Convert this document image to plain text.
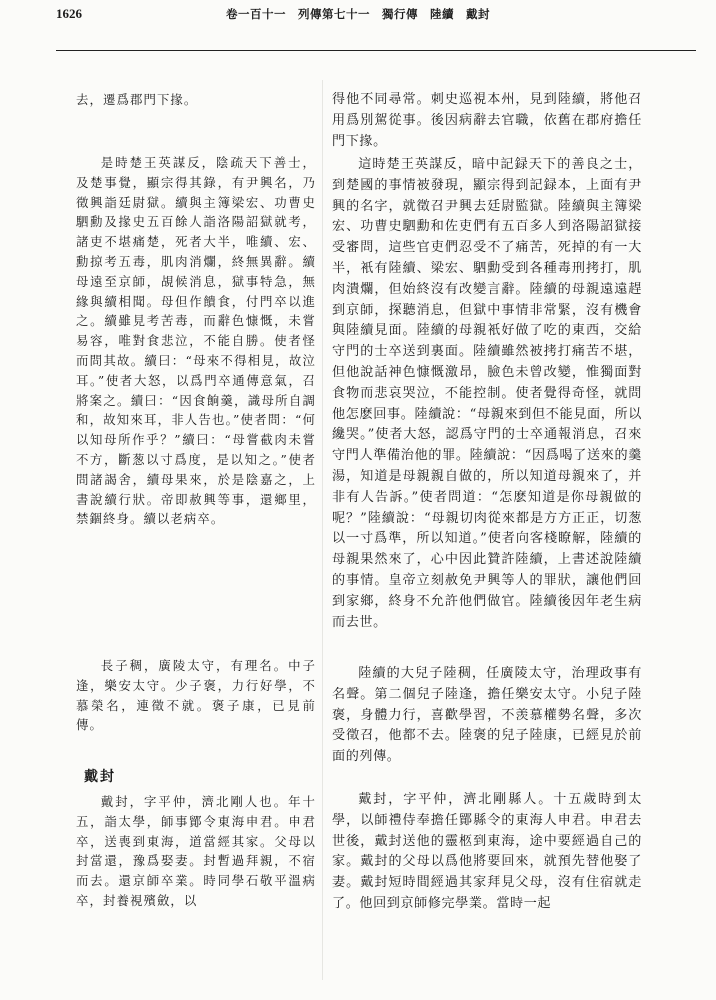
1626	卷一百十一　列傳第七十一　獨行傳　陸續　戴封

去，遷爲郡門下掾。

是時楚王英謀反，陰疏天下善士，及楚事覺，顯宗得其錄，有尹興名，乃徵興詣廷尉獄。續與主簿梁宏、功曹史駟勳及掾史五百餘人詣洛陽詔獄就考，諸吏不堪痛楚，死者大半，唯續、宏、勳掠考五毒，肌肉消爛，終無異辭。續母遠至京師，覘候消息，獄事特急，無緣與續相聞。母但作饋食，付門卒以進之。續雖見考苦毒，而辭色慷慨，未嘗易容，唯對食悲泣，不能自勝。使者怪而問其故。續曰：“母來不得相見，故泣耳。”使者大怒，以爲門卒通傳意氣，召將案之。續曰：“因食餉羹，識母所自調和，故知來耳，非人告也。”使者問：“何以知母所作乎？”續曰：“母嘗截肉未嘗不方，斷葱以寸爲度，是以知之。”使者問諸謁舍，續母果來，於是陰嘉之，上書說續行狀。帝即赦興等事，還鄉里，禁錮終身。續以老病卒。

長子稠，廣陵太守，有理名。中子逢，樂安太守。少子褒，力行好學，不慕榮名，連徵不就。褒子康，已見前傳。

戴封

戴封，字平仲，濟北剛人也。年十五，詣太學，師事鄮令東海申君。申君卒，送喪到東海，道當經其家。父母以封當還，豫爲娶妻。封暫過拜親，不宿而去。還京師卒業。時同學石敬平溫病卒，封養視殯斂，以

得他不同尋常。刺史巡視本州，見到陸續，將他召用爲別駕從事。後因病辭去官職，依舊在郡府擔任門下掾。

這時楚王英謀反，暗中記録天下的善良之士，到楚國的事情被發現，顯宗得到記録本，上面有尹興的名字，就徵召尹興去廷尉監獄。陸續與主簿梁宏、功曹史駟勳和佐吏們有五百多人到洛陽詔獄接受審問，這些官吏們忍受不了痛苦，死掉的有一大半，衹有陸續、梁宏、駟勳受到各種毒刑拷打，肌肉潰爛，但始終沒有改變言辭。陸續的母親遠遠趕到京師，探聽消息，但獄中事情非常緊，沒有機會與陸續見面。陸續的母親衹好做了吃的東西，交給守門的士卒送到裏面。陸續雖然被拷打痛苦不堪，但他說話神色慷慨激昂，臉色未曾改變，惟獨面對食物而悲哀哭泣，不能控制。使者覺得奇怪，就問他怎麽回事。陸續說：“母親來到但不能見面，所以纔哭。”使者大怒，認爲守門的士卒通報消息，召來守門人準備治他的罪。陸續說：“因爲喝了送來的羹湯，知道是母親親自做的，所以知道母親來了，并非有人告訴。”使者問道：“怎麽知道是你母親做的呢？”陸續說：“母親切肉從來都是方方正正，切葱以一寸爲準，所以知道。”使者向客棧瞭解，陸續的母親果然來了，心中因此贊許陸續，上書述說陸續的事情。皇帝立刻赦免尹興等人的罪狀，讓他們回到家鄉，終身不允許他們做官。陸續後因年老生病而去世。

陸續的大兒子陸稠，任廣陵太守，治理政事有名聲。第二個兒子陸逢，擔任樂安太守。小兒子陸褒，身體力行，喜歡學習，不羡慕權勢名聲，多次受徵召，他都不去。陸褒的兒子陸康，已經見於前面的列傳。

戴封，字平仲，濟北剛縣人。十五歲時到太學，以師禮侍奉擔任鄮縣令的東海人申君。申君去世後，戴封送他的靈柩到東海，途中要經過自己的家。戴封的父母以爲他將要回來，就預先替他娶了妻。戴封短時間經過其家拜見父母，沒有住宿就走了。他回到京師修完學業。當時一起
